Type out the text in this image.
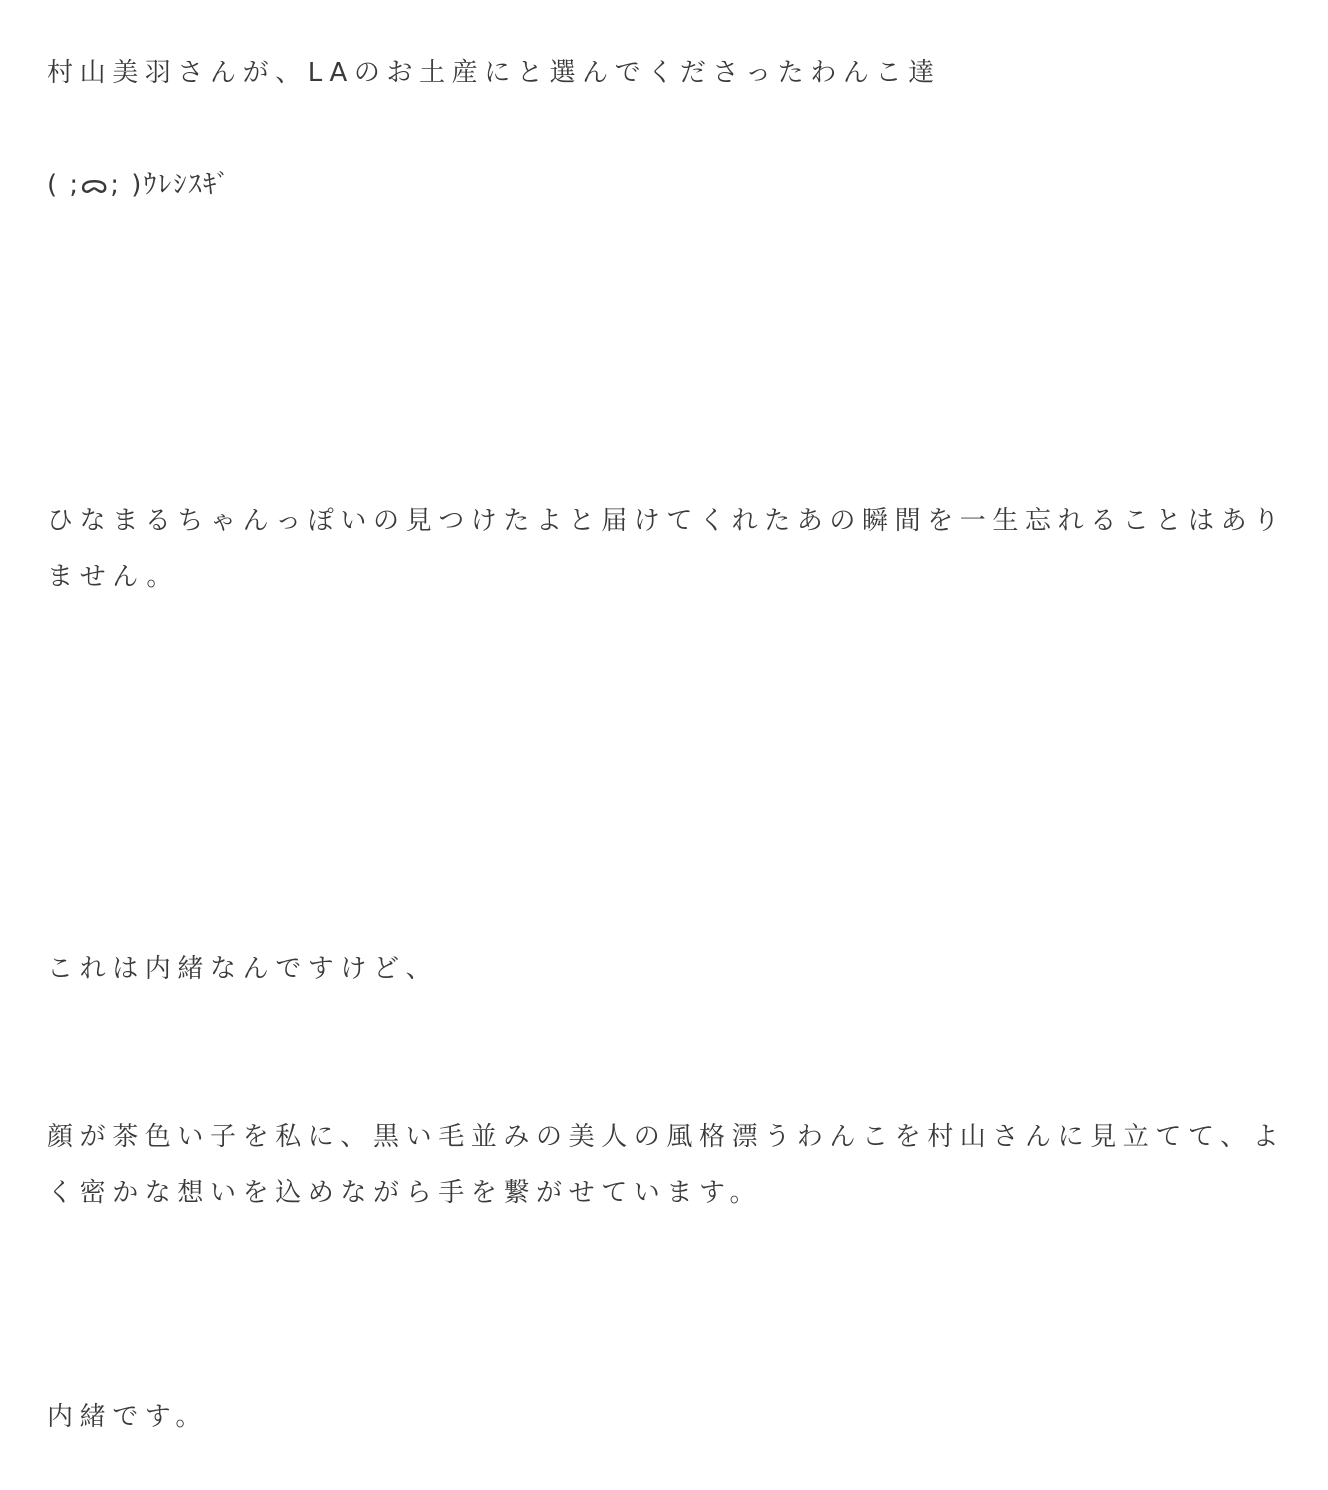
村山美羽さんが、LAのお土産にと選んでくださったわんこ達

( ;ᯅ; )ｳﾚｼｽｷﾞ

ひなまるちゃんっぽいの見つけたよと届けてくれたあの瞬間を一生忘れることはありません。

これは内緒なんですけど、

顔が茶色い子を私に、黒い毛並みの美人の風格漂うわんこを村山さんに見立てて、よく密かな想いを込めながら手を繋がせています。

内緒です。
